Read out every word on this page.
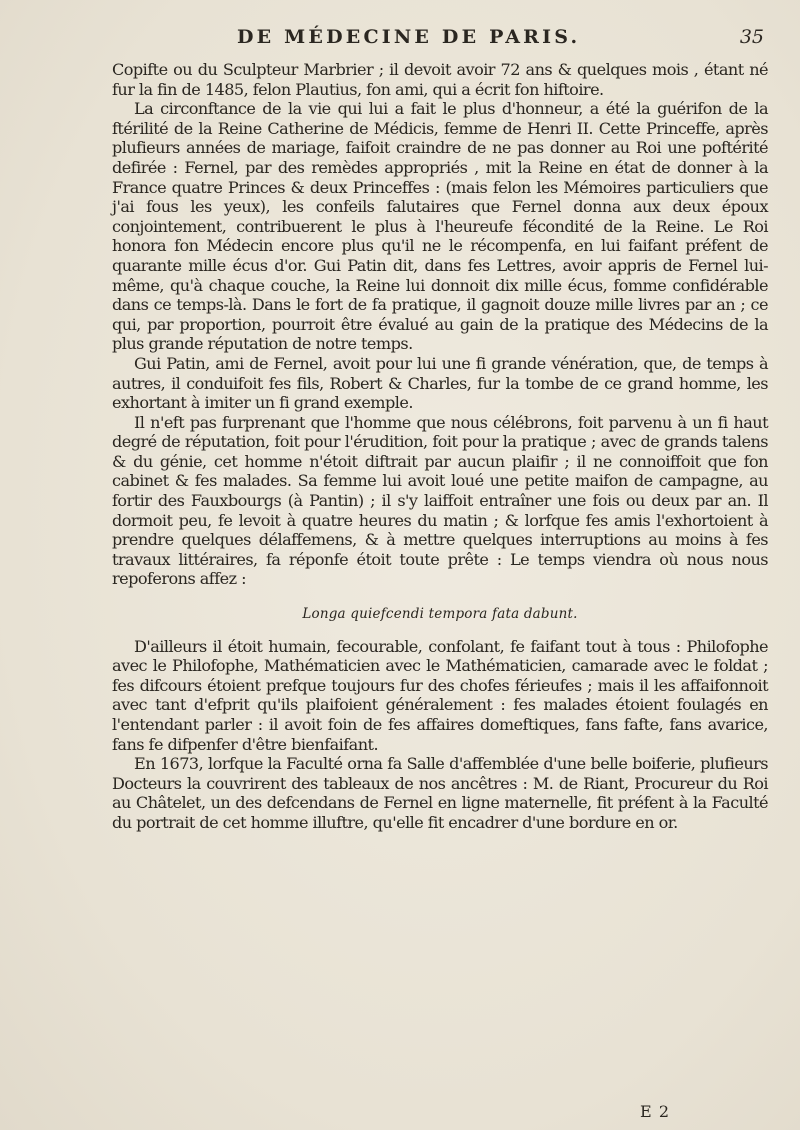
DE MÉDECINE DE PARIS.	35

Copifte ou du Sculpteur Marbrier ; il devoit avoir 72 ans & quelques mois , étant né fur la fin de 1485, felon Plautius, fon ami, qui a écrit fon hiftoire.

La circonftance de la vie qui lui a fait le plus d'honneur, a été la guérifon de la ftérilité de la Reine Catherine de Médicis, femme de Henri II. Cette Princeffe, après plufieurs années de mariage, faifoit craindre de ne pas donner au Roi une poftérité defirée : Fernel, par des remèdes appropriés , mit la Reine en état de donner à la France quatre Princes & deux Princeffes : (mais felon les Mémoires particuliers que j'ai fous les yeux), les confeils falutaires que Fernel donna aux deux époux conjointement, contribuerent le plus à l'heureufe fécondité de la Reine. Le Roi honora fon Médecin encore plus qu'il ne le récompenfa, en lui faifant préfent de quarante mille écus d'or. Gui Patin dit, dans fes Lettres, avoir appris de Fernel lui-même, qu'à chaque couche, la Reine lui donnoit dix mille écus, fomme confidérable dans ce temps-là. Dans le fort de fa pratique, il gagnoit douze mille livres par an ; ce qui, par proportion, pourroit être évalué au gain de la pratique des Médecins de la plus grande réputation de notre temps.

Gui Patin, ami de Fernel, avoit pour lui une fi grande vénération, que, de temps à autres, il conduifoit fes fils, Robert & Charles, fur la tombe de ce grand homme, les exhortant à imiter un fi grand exemple.

Il n'eft pas furprenant que l'homme que nous célébrons, foit parvenu à un fi haut degré de réputation, foit pour l'érudition, foit pour la pratique ; avec de grands talens & du génie, cet homme n'étoit diftrait par aucun plaifir ; il ne connoiffoit que fon cabinet & fes malades. Sa femme lui avoit loué une petite maifon de campagne, au fortir des Fauxbourgs (à Pantin) ; il s'y laiffoit entraîner une fois ou deux par an. Il dormoit peu, fe levoit à quatre heures du matin ; & lorfque fes amis l'exhortoient à prendre quelques délaffemens, & à mettre quelques interruptions au moins à fes travaux littéraires, fa réponfe étoit toute prête : Le temps viendra où nous nous repoferons affez :

Longa quiefcendi tempora fata dabunt.

D'ailleurs il étoit humain, fecourable, confolant, fe faifant tout à tous : Philofophe avec le Philofophe, Mathématicien avec le Mathématicien, camarade avec le foldat ; fes difcours étoient prefque toujours fur des chofes férieufes ; mais il les affaifonnoit avec tant d'efprit qu'ils plaifoient généralement : fes malades étoient foulagés en l'entendant parler : il avoit foin de fes affaires domeftiques, fans fafte, fans avarice, fans fe difpenfer d'être bienfaifant.

En 1673, lorfque la Faculté orna fa Salle d'affemblée d'une belle boiferie, plufieurs Docteurs la couvrirent des tableaux de nos ancêtres : M. de Riant, Procureur du Roi au Châtelet, un des defcendans de Fernel en ligne maternelle, fit préfent à la Faculté du portrait de cet homme illuftre, qu'elle fit encadrer d'une bordure en or.

E 2
